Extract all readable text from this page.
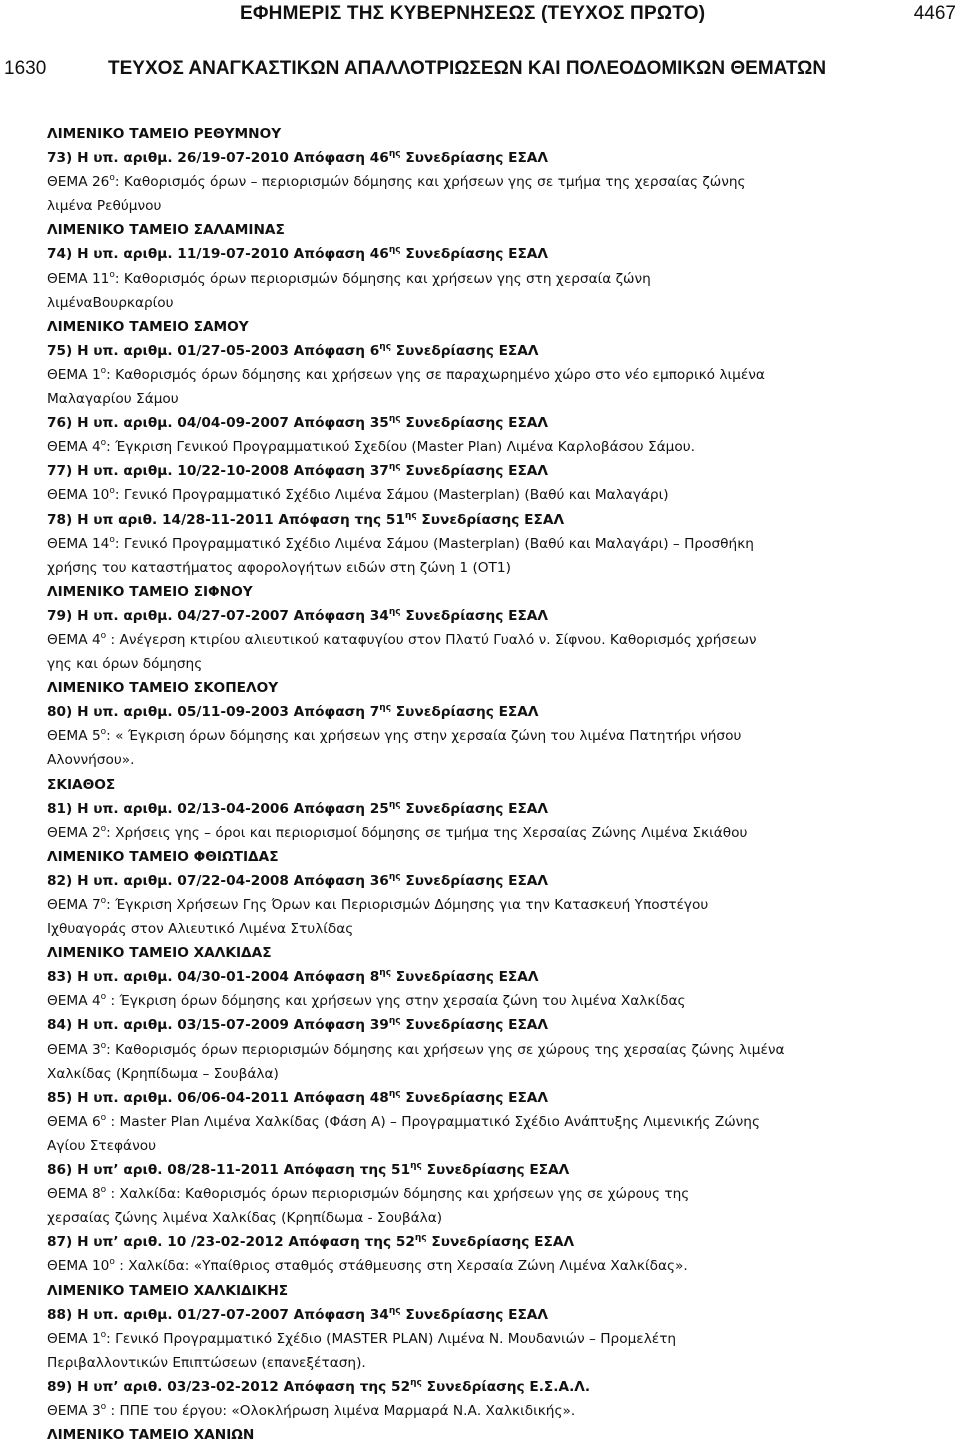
ΕΦΗΜΕΡΙΣ ΤΗΣ ΚΥΒΕΡΝΗΣΕΩΣ (ΤΕΥΧΟΣ ΠΡΩΤΟ)	4467
1630	ΤΕΥΧΟΣ ΑΝΑΓΚΑΣΤΙΚΩΝ ΑΠΑΛΛΟΤΡΙΩΣΕΩΝ ΚΑΙ ΠΟΛΕΟΔΟΜΙΚΩΝ ΘΕΜΑΤΩΝ
ΛΙΜΕΝΙΚΟ ΤΑΜΕΙΟ ΡΕΘΥΜΝΟΥ
73) Η υπ. αριθμ. 26/19-07-2010 Απόφαση $46^{\eta\varsigma}$ Συνεδρίασης ΕΣΑΛ
ΘΕΜΑ $26^o$: Καθορισμός όρων – περιορισμών δόμησης και χρήσεων γης σε τμήμα της χερσαίας ζώνης
λιμένα Ρεθύμνου
ΛΙΜΕΝΙΚΟ ΤΑΜΕΙΟ ΣΑΛΑΜΙΝΑΣ
74) Η υπ. αριθμ. 11/19-07-2010 Απόφαση $46^{\eta\varsigma}$ Συνεδρίασης ΕΣΑΛ
ΘΕΜΑ $11^o$: Καθορισμός όρων περιορισμών δόμησης και χρήσεων γης στη χερσαία ζώνη
λιμέναΒουρκαρίου
ΛΙΜΕΝΙΚΟ ΤΑΜΕΙΟ ΣΑΜΟΥ
75) Η υπ. αριθμ. 01/27-05-2003 Απόφαση $6^{\eta\varsigma}$ Συνεδρίασης ΕΣΑΛ
ΘΕΜΑ $1^o$: Καθορισμός όρων δόμησης και χρήσεων γης σε παραχωρημένο χώρο στο νέο εμπορικό λιμένα
Μαλαγαρίου Σάμου
76) Η υπ. αριθμ. 04/04-09-2007 Απόφαση $35^{\eta\varsigma}$ Συνεδρίασης ΕΣΑΛ
ΘΕΜΑ $4^o$: Έγκριση Γενικού Προγραμματικού Σχεδίου (Master Plan) Λιμένα Καρλοβάσου Σάμου.
77) Η υπ. αριθμ. 10/22-10-2008 Απόφαση $37^{\eta\varsigma}$ Συνεδρίασης ΕΣΑΛ
ΘΕΜΑ $10^o$: Γενικό Προγραμματικό Σχέδιο Λιμένα Σάμου (Masterplan) (Βαθύ και Μαλαγάρι)
78) Η υπ αριθ. 14/28-11-2011 Απόφαση της $51^{\eta\varsigma}$ Συνεδρίασης ΕΣΑΛ
ΘΕΜΑ $14^o$: Γενικό Προγραμματικό Σχέδιο Λιμένα Σάμου (Masterplan) (Βαθύ και Μαλαγάρι) – Προσθήκη
χρήσης του καταστήματος αφορολογήτων ειδών στη ζώνη 1 (ΟΤ1)
ΛΙΜΕΝΙΚΟ ΤΑΜΕΙΟ ΣΙΦΝΟΥ
79) Η υπ. αριθμ. 04/27-07-2007 Απόφαση $34^{\eta\varsigma}$ Συνεδρίασης ΕΣΑΛ
ΘΕΜΑ $4^o$ : Ανέγερση κτιρίου αλιευτικού καταφυγίου στον Πλατύ Γυαλό ν. Σίφνου. Καθορισμός χρήσεων
γης και όρων δόμησης
ΛΙΜΕΝΙΚΟ ΤΑΜΕΙΟ ΣΚΟΠΕΛΟΥ
80) Η υπ. αριθμ. 05/11-09-2003 Απόφαση $7^{\eta\varsigma}$ Συνεδρίασης ΕΣΑΛ
ΘΕΜΑ $5^o$: « Έγκριση όρων δόμησης και χρήσεων γης στην χερσαία ζώνη του λιμένα Πατητήρι νήσου
Αλοννήσου».
ΣΚΙΑΘΟΣ
81) Η υπ. αριθμ. 02/13-04-2006 Απόφαση $25^{\eta\varsigma}$ Συνεδρίασης ΕΣΑΛ
ΘΕΜΑ $2^o$: Χρήσεις γης – όροι και περιορισμοί δόμησης σε τμήμα της Χερσαίας Ζώνης Λιμένα Σκιάθου
ΛΙΜΕΝΙΚΟ ΤΑΜΕΙΟ ΦΘΙΩΤΙΔΑΣ
82) Η υπ. αριθμ. 07/22-04-2008 Απόφαση $36^{\eta\varsigma}$ Συνεδρίασης ΕΣΑΛ
ΘΕΜΑ $7^o$: Έγκριση Χρήσεων Γης Όρων και Περιορισμών Δόμησης για την Κατασκευή Υποστέγου
Ιχθυαγοράς στον Αλιευτικό Λιμένα Στυλίδας
ΛΙΜΕΝΙΚΟ ΤΑΜΕΙΟ ΧΑΛΚΙΔΑΣ
83) Η υπ. αριθμ. 04/30-01-2004 Απόφαση $8^{\eta\varsigma}$ Συνεδρίασης ΕΣΑΛ
ΘΕΜΑ $4^o$ : Έγκριση όρων δόμησης και χρήσεων γης στην χερσαία ζώνη του λιμένα Χαλκίδας
84) Η υπ. αριθμ. 03/15-07-2009 Απόφαση $39^{\eta\varsigma}$ Συνεδρίασης ΕΣΑΛ
ΘΕΜΑ $3^o$: Καθορισμός όρων περιορισμών δόμησης και χρήσεων γης σε χώρους της χερσαίας ζώνης λιμένα
Χαλκίδας (Κρηπίδωμα – Σουβάλα)
85) Η υπ. αριθμ. 06/06-04-2011 Απόφαση $48^{\eta\varsigma}$ Συνεδρίασης ΕΣΑΛ
ΘΕΜΑ $6^o$ : Master Plan Λιμένα Χαλκίδας (Φάση Α) – Προγραμματικό Σχέδιο Ανάπτυξης Λιμενικής Ζώνης
Αγίου Στεφάνου
86) Η υπ’ αριθ. 08/28-11-2011 Απόφαση της $51^{\eta\varsigma}$ Συνεδρίασης ΕΣΑΛ
ΘΕΜΑ $8^o$ : Χαλκίδα: Καθορισμός όρων περιορισμών δόμησης και χρήσεων γης σε χώρους της
χερσαίας ζώνης λιμένα Χαλκίδας (Κρηπίδωμα - Σουβάλα)
87) Η υπ’ αριθ. 10 /23-02-2012 Απόφαση της $52^{\eta\varsigma}$ Συνεδρίασης ΕΣΑΛ
ΘΕΜΑ $10^o$ : Χαλκίδα: «Υπαίθριος σταθμός στάθμευσης στη Χερσαία Ζώνη Λιμένα Χαλκίδας».
ΛΙΜΕΝΙΚΟ ΤΑΜΕΙΟ ΧΑΛΚΙΔΙΚΗΣ
88) Η υπ. αριθμ. 01/27-07-2007 Απόφαση $34^{\eta\varsigma}$ Συνεδρίασης ΕΣΑΛ
ΘΕΜΑ $1^o$: Γενικό Προγραμματικό Σχέδιο (MASTER PLAN) Λιμένα Ν. Μουδανιών – Προμελέτη
Περιβαλλοντικών Επιπτώσεων (επανεξέταση).
89) Η υπ’ αριθ. 03/23-02-2012 Απόφαση της $52^{\eta\varsigma}$ Συνεδρίασης Ε.Σ.Α.Λ.
ΘΕΜΑ $3^o$ : ΠΠΕ του έργου: «Ολοκλήρωση λιμένα Μαρμαρά Ν.Α. Χαλκιδικής».
ΛΙΜΕΝΙΚΟ ΤΑΜΕΙΟ ΧΑΝΙΩΝ
